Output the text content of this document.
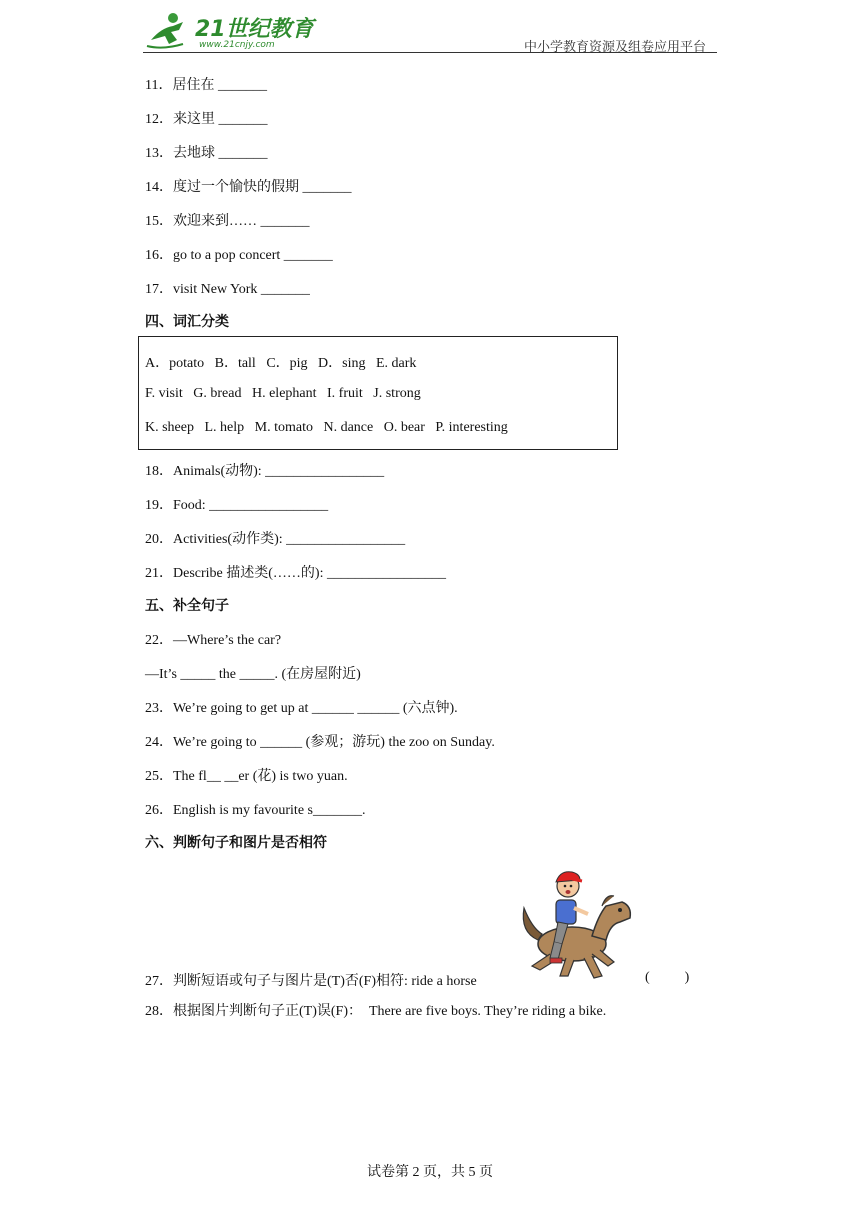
21世纪教育
www.21cnjy.com	中小学教育资源及组卷应用平台
11．居住在 _______
12．来这里 _______
13．去地球 _______
14．度过一个愉快的假期 _______
15．欢迎来到…… _______
16．go to a pop concert _______
17．visit New York _______
四、词汇分类
A．potato   B．tall   C．pig   D．sing   E. dark
F. visit   G. bread   H. elephant   I. fruit   J. strong
K. sheep   L. help   M. tomato   N. dance   O. bear   P. interesting
18．Animals(动物): _________________
19．Food: _________________
20．Activities(动作类): _________________
21．Describe 描述类(……的): _________________
五、补全句子
22．—Where’s the car?
—It’s _____ the _____. (在房屋附近)
23．We’re going to get up at ______ ______ (六点钟).
24．We’re going to ______ (参观；游玩) the zoo on Sunday.
25．The fl__ __er (花) is two yuan.
26．English is my favourite s_______.
六、判断句子和图片是否相符
27．判断短语或句子与图片是(T)否(F)相符: ride a horse	(          )
28．根据图片判断句子正(T)误(F)：  There are five boys. They’re riding a bike.
试卷第 2 页，共 5 页
